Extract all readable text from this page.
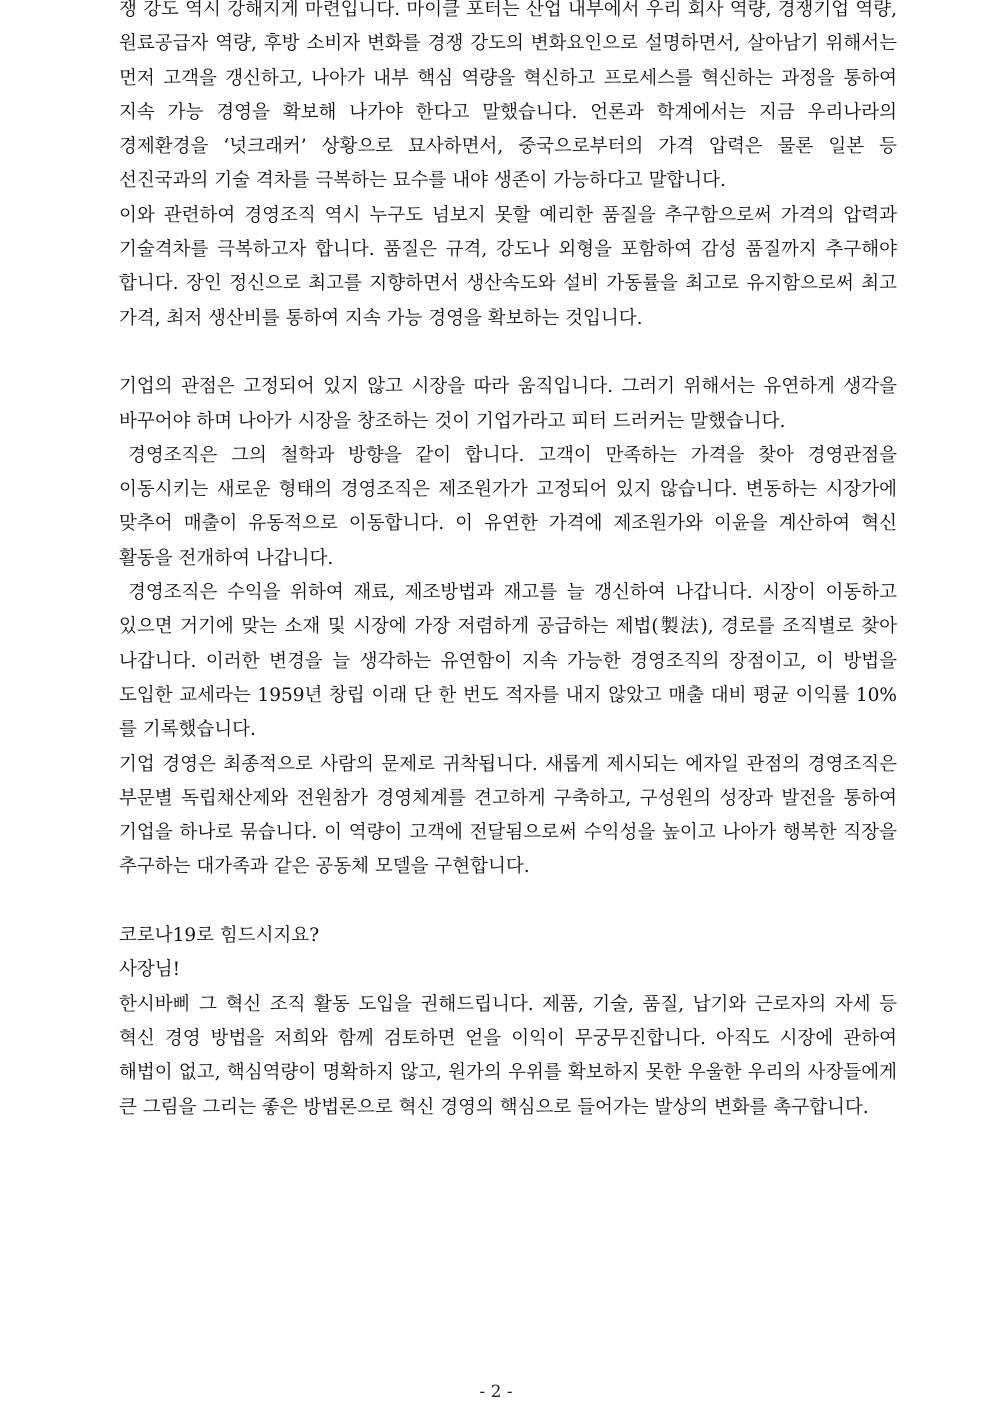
쟁 강도 역시 강해지게 마련입니다. 마이클 포터는 산업 내부에서 우리 회사 역량, 경쟁기업 역량, 원료공급자 역량, 후방 소비자 변화를 경쟁 강도의 변화요인으로 설명하면서, 살아남기 위해서는 먼저 고객을 갱신하고, 나아가 내부 핵심 역량을 혁신하고 프로세스를 혁신하는 과정을 통하여 지속 가능 경영을 확보해 나가야 한다고 말했습니다. 언론과 학계에서는 지금 우리나라의 경제환경을 ‘넛크래커’ 상황으로 묘사하면서, 중국으로부터의 가격 압력은 물론 일본 등 선진국과의 기술 격차를 극복하는 묘수를 내야 생존이 가능하다고 말합니다.

이와 관련하여 경영조직 역시 누구도 넘보지 못할 예리한 품질을 추구함으로써 가격의 압력과 기술격차를 극복하고자 합니다. 품질은 규격, 강도나 외형을 포함하여 감성 품질까지 추구해야 합니다. 장인 정신으로 최고를 지향하면서 생산속도와 설비 가동률을 최고로 유지함으로써 최고 가격, 최저 생산비를 통하여 지속 가능 경영을 확보하는 것입니다.

기업의 관점은 고정되어 있지 않고 시장을 따라 움직입니다. 그러기 위해서는 유연하게 생각을 바꾸어야 하며 나아가 시장을 창조하는 것이 기업가라고 피터 드러커는 말했습니다.

경영조직은 그의 철학과 방향을 같이 합니다. 고객이 만족하는 가격을 찾아 경영관점을 이동시키는 새로운 형태의 경영조직은 제조원가가 고정되어 있지 않습니다. 변동하는 시장가에 맞추어 매출이 유동적으로 이동합니다. 이 유연한 가격에 제조원가와 이윤을 계산하여 혁신 활동을 전개하여 나갑니다.

경영조직은 수익을 위하여 재료, 제조방법과 재고를 늘 갱신하여 나갑니다. 시장이 이동하고 있으면 거기에 맞는 소재 및 시장에 가장 저렴하게 공급하는 제법(製法), 경로를 조직별로 찾아 나갑니다. 이러한 변경을 늘 생각하는 유연함이 지속 가능한 경영조직의 장점이고, 이 방법을 도입한 교세라는 1959년 창립 이래 단 한 번도 적자를 내지 않았고 매출 대비 평균 이익률 10%를 기록했습니다.

기업 경영은 최종적으로 사람의 문제로 귀착됩니다. 새롭게 제시되는 에자일 관점의 경영조직은 부문별 독립채산제와 전원참가 경영체계를 견고하게 구축하고, 구성원의 성장과 발전을 통하여 기업을 하나로 묶습니다. 이 역량이 고객에 전달됨으로써 수익성을 높이고 나아가 행복한 직장을 추구하는 대가족과 같은 공동체 모델을 구현합니다.

코로나19로 힘드시지요?

사장님!

한시바삐 그 혁신 조직 활동 도입을 권해드립니다. 제품, 기술, 품질, 납기와 근로자의 자세 등 혁신 경영 방법을 저희와 함께 검토하면 얻을 이익이 무궁무진합니다. 아직도 시장에 관하여 해법이 없고, 핵심역량이 명확하지 않고, 원가의 우위를 확보하지 못한 우울한 우리의 사장들에게 큰 그림을 그리는 좋은 방법론으로 혁신 경영의 핵심으로 들어가는 발상의 변화를 촉구합니다.

- 2 -
